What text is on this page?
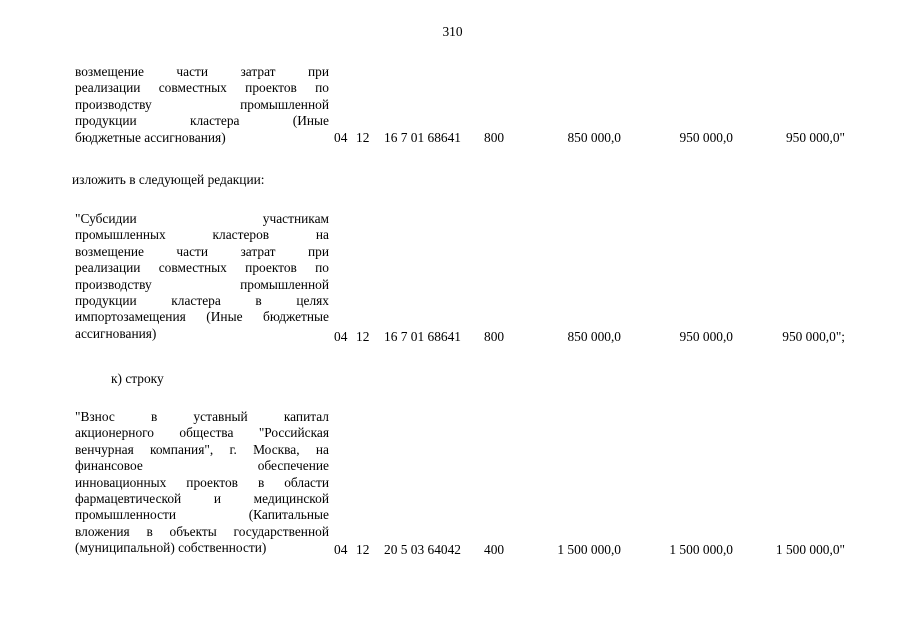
310
возмещение части затрат при
реализации совместных проектов по
производству промышленной
продукции кластера (Иные
бюджетные ассигнования)	04 12 16 7 01 68641 800	850 000,0	950 000,0	950 000,0"
изложить в следующей редакции:
"Субсидии участникам
промышленных кластеров на
возмещение части затрат при
реализации совместных проектов по
производству промышленной
продукции кластера в целях
импортозамещения (Иные бюджетные
ассигнования)	04 12 16 7 01 68641 800	850 000,0	950 000,0	950 000,0";
к) строку
"Взнос в уставный капитал
акционерного общества "Российская
венчурная компания", г. Москва, на
финансовое обеспечение
инновационных проектов в области
фармацевтической и медицинской
промышленности (Капитальные
вложения в объекты государственной
(муниципальной) собственности)	04 12 20 5 03 64042 400	1 500 000,0	1 500 000,0	1 500 000,0"
